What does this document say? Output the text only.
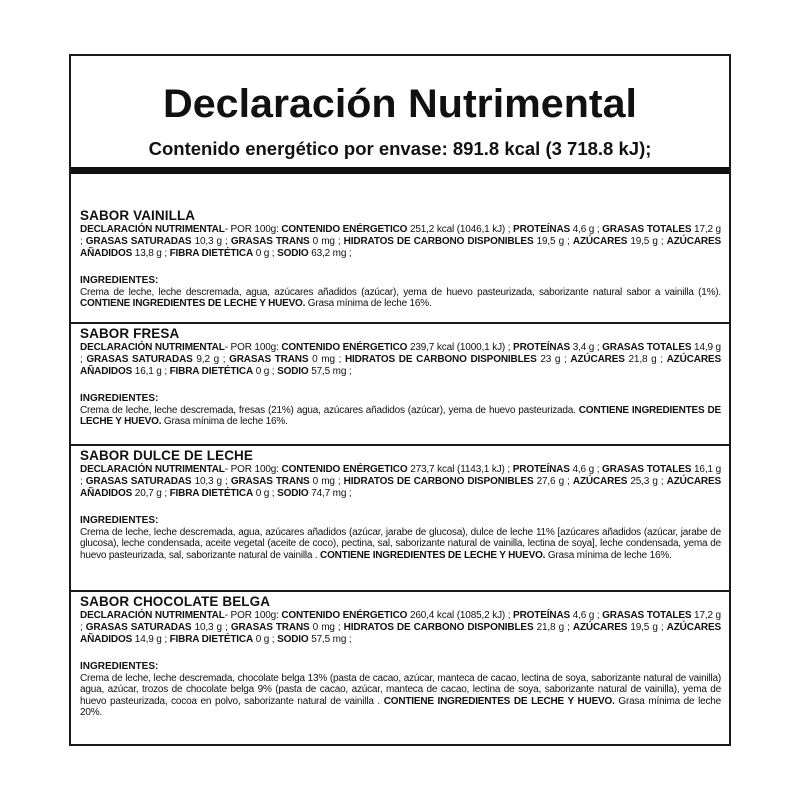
Declaración Nutrimental
Contenido energético por envase: 891.8 kcal (3 718.8 kJ);
SABOR VAINILLA
DECLARACIÓN NUTRIMENTAL- POR 100g: CONTENIDO ENÉRGETICO 251,2 kcal (1046,1 kJ) ; PROTEÍNAS 4,6 g ; GRASAS TOTALES 17,2 g ; GRASAS SATURADAS 10,3 g ; GRASAS TRANS 0 mg ; HIDRATOS DE CARBONO DISPONIBLES 19,5 g ; AZÚCARES 19,5 g ; AZÚCARES AÑADIDOS 13,8 g ; FIBRA DIETÉTICA 0 g ; SODIO 63,2 mg ;
INGREDIENTES:
Crema de leche, leche descremada, agua, azúcares añadidos (azúcar), yema de huevo pasteurizada, saborizante natural sabor a vainilla (1%). CONTIENE INGREDIENTES DE LECHE Y HUEVO. Grasa mínima de leche 16%.
SABOR FRESA
DECLARACIÓN NUTRIMENTAL- POR 100g: CONTENIDO ENÉRGETICO 239,7 kcal (1000,1 kJ) ; PROTEÍNAS 3,4 g ; GRASAS TOTALES 14,9 g ; GRASAS SATURADAS 9,2 g ; GRASAS TRANS 0 mg ; HIDRATOS DE CARBONO DISPONIBLES 23 g ; AZÚCARES 21,8 g ; AZÚCARES AÑADIDOS 16,1 g ; FIBRA DIETÉTICA 0 g ; SODIO 57,5 mg ;
INGREDIENTES:
Crema de leche, leche descremada, fresas (21%) agua, azúcares añadidos (azúcar), yema de huevo pasteurizada. CONTIENE INGREDIENTES DE LECHE Y HUEVO. Grasa mínima de leche 16%.
SABOR DULCE DE LECHE
DECLARACIÓN NUTRIMENTAL- POR 100g: CONTENIDO ENÉRGETICO 273,7 kcal (1143,1 kJ) ; PROTEÍNAS 4,6 g ; GRASAS TOTALES 16,1 g ; GRASAS SATURADAS 10,3 g ; GRASAS TRANS 0 mg ; HIDRATOS DE CARBONO DISPONIBLES 27,6 g ; AZÚCARES 25,3 g ; AZÚCARES AÑADIDOS 20,7 g ; FIBRA DIETÉTICA 0 g ; SODIO 74,7 mg ;
INGREDIENTES:
Crema de leche, leche descremada, agua, azúcares añadidos (azúcar, jarabe de glucosa), dulce de leche 11% [azúcares añadidos (azúcar, jarabe de glucosa), leche condensada, aceite vegetal (aceite de coco), pectina, sal, saborizante natural de vainilla, lectina de soya], leche condensada, yema de huevo pasteurizada, sal, saborizante natural de vainilla . CONTIENE INGREDIENTES DE LECHE Y HUEVO. Grasa mínima de leche 16%.
SABOR CHOCOLATE BELGA
DECLARACIÓN NUTRIMENTAL- POR 100g: CONTENIDO ENÉRGETICO 260,4 kcal (1085,2 kJ) ; PROTEÍNAS 4,6 g ; GRASAS TOTALES 17,2 g ; GRASAS SATURADAS 10,3 g ; GRASAS TRANS 0 mg ; HIDRATOS DE CARBONO DISPONIBLES 21,8 g ; AZÚCARES 19,5 g ; AZÚCARES AÑADIDOS 14,9 g ; FIBRA DIETÉTICA 0 g ; SODIO 57,5 mg ;
INGREDIENTES:
Crema de leche, leche descremada, chocolate belga 13% (pasta de cacao, azúcar, manteca de cacao, lectina de soya, saborizante natural de vainilla) agua, azúcar, trozos de chocolate belga 9% (pasta de cacao, azúcar, manteca de cacao, lectina de soya, saborizante natural de vainilla), yema de huevo pasteurizada, cocoa en polvo, saborizante natural de vainilla . CONTIENE INGREDIENTES DE LECHE Y HUEVO. Grasa mínima de leche 20%.
